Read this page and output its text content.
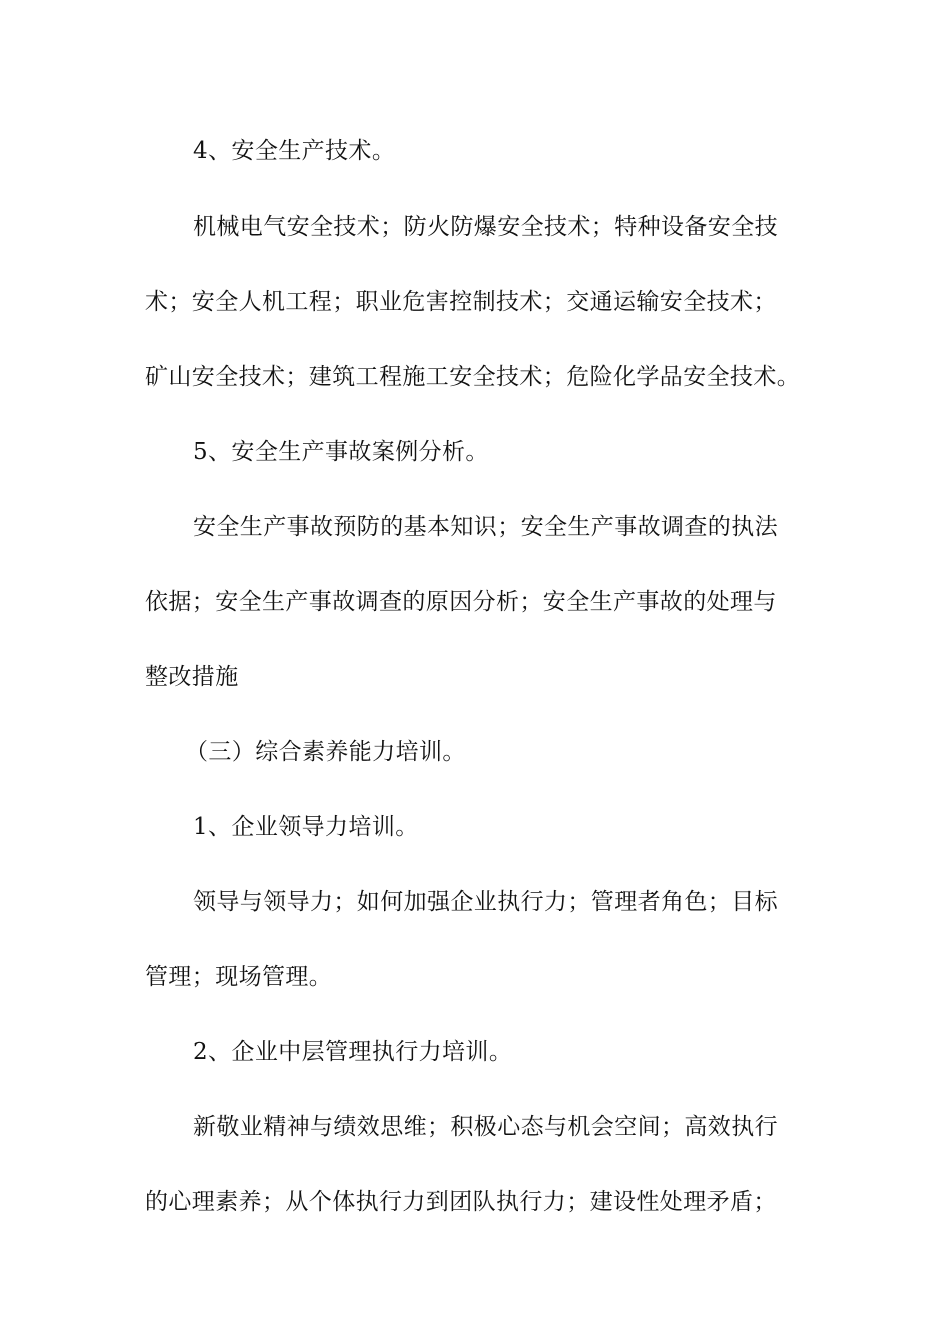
4、安全生产技术。
机械电气安全技术；防火防爆安全技术；特种设备安全技
术；安全人机工程；职业危害控制技术；交通运输安全技术；
矿山安全技术；建筑工程施工安全技术；危险化学品安全技术。
5、安全生产事故案例分析。
安全生产事故预防的基本知识；安全生产事故调查的执法
依据；安全生产事故调查的原因分析；安全生产事故的处理与
整改措施
（三）综合素养能力培训。
1、企业领导力培训。
领导与领导力；如何加强企业执行力；管理者角色；目标
管理；现场管理。
2、企业中层管理执行力培训。
新敬业精神与绩效思维；积极心态与机会空间；高效执行
的心理素养；从个体执行力到团队执行力；建设性处理矛盾；
